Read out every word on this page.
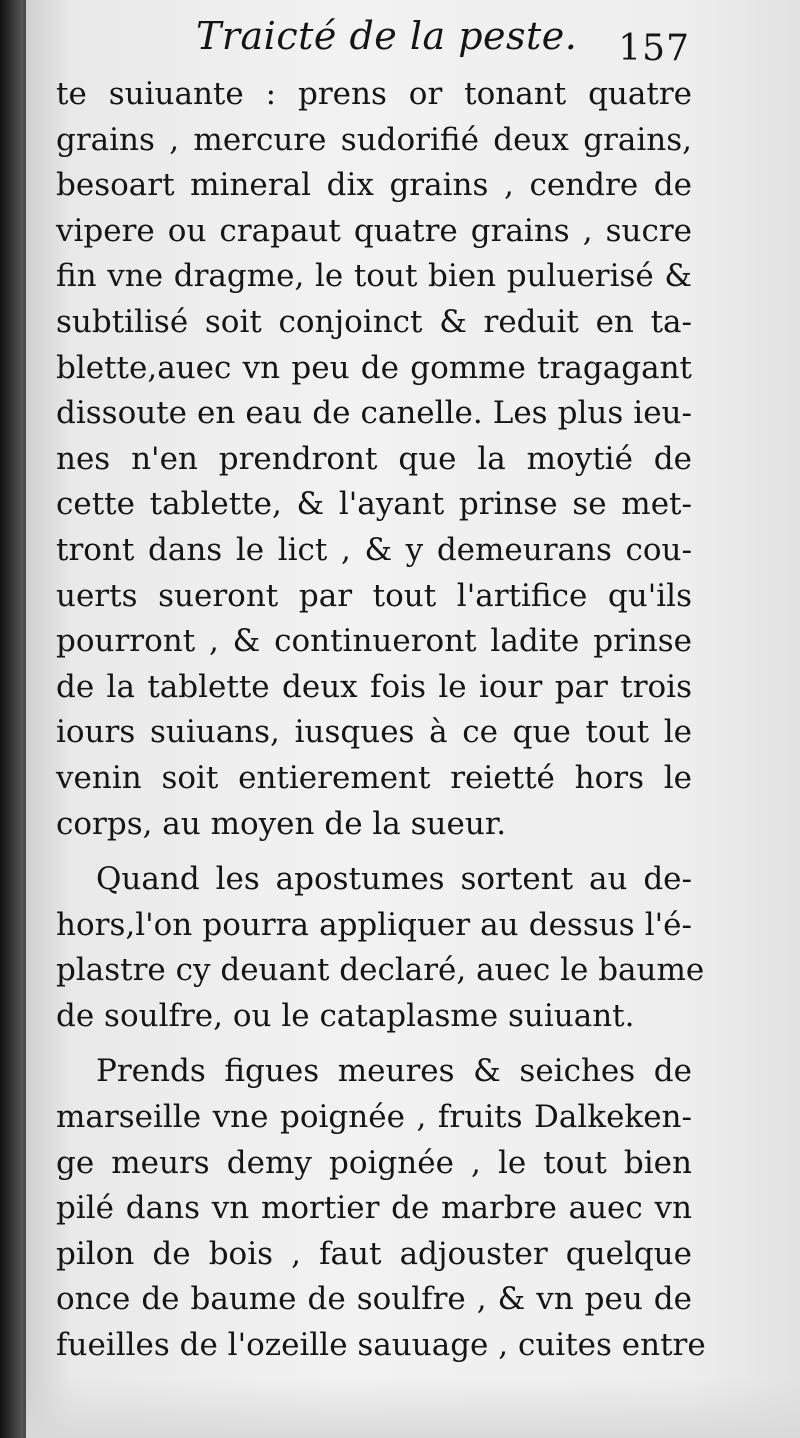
Traicté de la peste. 157
te suiuante : prens or tonant quatre
grains , mercure sudorifié deux grains,
besoart mineral dix grains , cendre de
vipere ou crapaut quatre grains , sucre
fin vne dragme, le tout bien puluerisé &
subtilisé soit conjoinct & reduit en ta-
blette,auec vn peu de gomme tragagant
dissoute en eau de canelle. Les plus ieu-
nes n'en prendront que la moytié de
cette tablette, & l'ayant prinse se met-
tront dans le lict , & y demeurans cou-
uerts sueront par tout l'artifice qu'ils
pourront , & continueront ladite prinse
de la tablette deux fois le iour par trois
iours suiuans, iusques à ce que tout le
venin soit entierement reietté hors le
corps, au moyen de la sueur.
Quand les apostumes sortent au de-
hors,l'on pourra appliquer au dessus l'é-
plastre cy deuant declaré, auec le baume
de soulfre, ou le cataplasme suiuant.
Prends figues meures & seiches de
marseille vne poignée , fruits Dalkeken-
ge meurs demy poignée , le tout bien
pilé dans vn mortier de marbre auec vn
pilon de bois , faut adjouster quelque
once de baume de soulfre , & vn peu de
fueilles de l'ozeille sauuage , cuites entre
